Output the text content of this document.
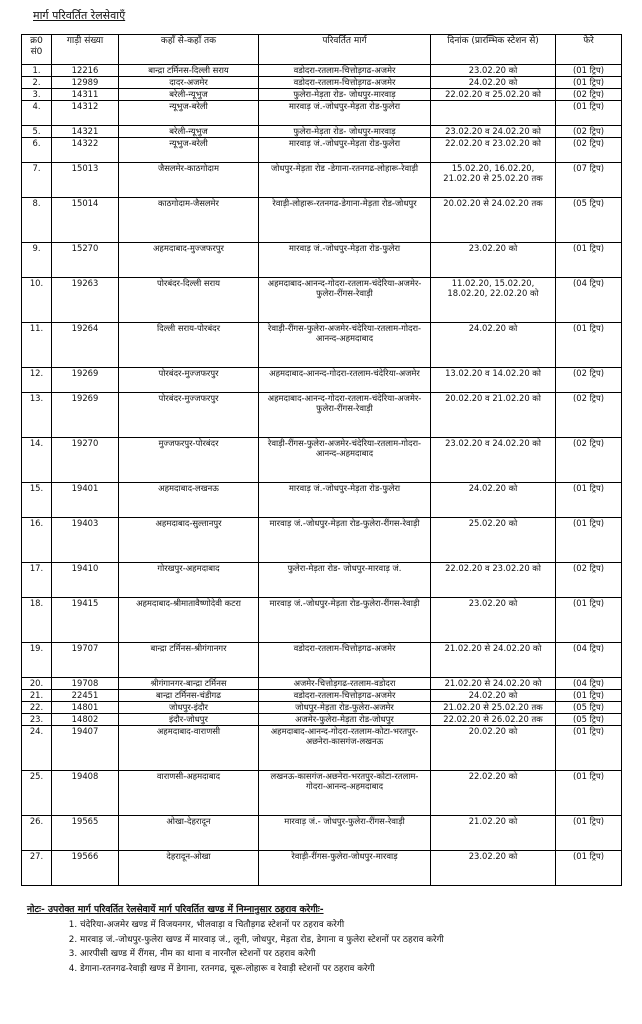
मार्ग परिवर्तित रेलसेवाएँ
क्र0 सं0	गाड़ी संख्या	कहाँ से-कहाँ तक	परिवर्तित मार्ग	दिनांक (प्रारम्भिक स्टेशन से)	फेरे
1.	12216	बान्द्रा टर्मिनस-दिल्ली सराय	वडोदरा-रतलाम-चित्तोड़गढ-अजमेर	23.02.20 को	(01 ट्रिप)
2.	12989	दादर-अजमेर	वडोदरा-रतलाम-चित्तोड़गढ-अजमेर	24.02.20 को	(01 ट्रिप)
3.	14311	बरेली-न्यूभुज	फुलेरा-मेड़ता रोड- जोधपुर-मारवाड़	22.02.20 व 25.02.20 को	(02 ट्रिप)
4.	14312	न्यूभुज-बरेली	मारवाड़ जं.-जोधपुर-मेड़ता रोड-फुलेरा		(01 ट्रिप)
5.	14321	बरेली-न्यूभुज	फुलेरा-मेड़ता रोड- जोधपुर-मारवाड़	23.02.20 व 24.02.20 को	(02 ट्रिप)
6.	14322	न्यूभुज-बरेली	मारवाड़ जं.-जोधपुर-मेड़ता रोड-फुलेरा	22.02.20 व 23.02.20 को	(02 ट्रिप)
7.	15013	जैसलमेर-काठगोदाम	जोधपुर-मेड़ता रोड -डेगाना-रतनगढ-लोहारू-रेवाड़ी	15.02.20, 16.02.20, 21.02.20 से 25.02.20 तक	(07 ट्रिप)
8.	15014	काठगोदाम-जैसलमेर	रेवाड़ी-लोहारू-रतनगढ-डेगाना-मेड़ता रोड-जोधपुर	20.02.20 से 24.02.20 तक	(05 ट्रिप)
9.	15270	अहमदाबाद-मुज्जफरपुर	मारवाड़ जं.-जोधपुर-मेड़ता रोड-फुलेरा	23.02.20 को	(01 ट्रिप)
10.	19263	पोरबंदर-दिल्ली सराय	अहमदाबाद-आनन्द-गोदरा-रतलाम-चंदेरिया-अजमेर-फुलेरा-रींगस-रेवाड़ी	11.02.20, 15.02.20, 18.02.20, 22.02.20 को	(04 ट्रिप)
11.	19264	दिल्ली सराय-पोरबंदर	रेवाड़ी-रींगस-फुलेरा-अजमेर-चंदेरिया-रतलाम-गोदरा-आनन्द-अहमदाबाद	24.02.20 को	(01 ट्रिप)
12.	19269	पोरबंदर-मुज्जफरपुर	अहमदाबाद-आनन्द-गोदरा-रतलाम-चंदेरिया-अजमेर	13.02.20 व 14.02.20 को	(02 ट्रिप)
13.	19269	पोरबंदर-मुज्जफरपुर	अहमदाबाद-आनन्द-गोदरा-रतलाम-चंदेरिया-अजमेर-फुलेरा-रींगस-रेवाड़ी	20.02.20 व 21.02.20 को	(02 ट्रिप)
14.	19270	मुज्जफरपुर-पोरबंदर	रेवाड़ी-रींगस-फुलेरा-अजमेर-चंदेरिया-रतलाम-गोदरा-आनन्द-अहमदाबाद	23.02.20 व 24.02.20 को	(02 ट्रिप)
15.	19401	अहमदाबाद-लखनऊ	मारवाड़ जं.-जोधपुर-मेड़ता रोड-फुलेरा	24.02.20 को	(01 ट्रिप)
16.	19403	अहमदाबाद-सुल्तानपुर	मारवाड़ जं.-जोधपुर-मेड़ता रोड-फुलेरा-रींगस-रेवाड़ी	25.02.20 को	(01 ट्रिप)
17.	19410	गोरखपुर-अहमदाबाद	फुलेरा-मेड़ता रोड- जोधपुर-मारवाड़ जं.	22.02.20 व 23.02.20 को	(02 ट्रिप)
18.	19415	अहमदाबाद-श्रीमातावैष्णोदेवी कटरा	मारवाड़ जं.-जोधपुर-मेड़ता रोड-फुलेरा-रींगस-रेवाड़ी	23.02.20 को	(01 ट्रिप)
19.	19707	बान्द्रा टर्मिनस-श्रीगंगानगर	वडोदरा-रतलाम-चित्तोड़गढ-अजमेर	21.02.20 से 24.02.20 को	(04 ट्रिप)
20.	19708	श्रीगंगानगर-बान्द्रा टर्मिनस	अजमेर-चित्तोड़गढ-रतलाम-वडोदरा	21.02.20 से 24.02.20 को	(04 ट्रिप)
21.	22451	बान्द्रा टर्मिनस-चंडीगढ	वडोदरा-रतलाम-चित्तोड़गढ-अजमेर	24.02.20 को	(01 ट्रिप)
22.	14801	जोधपुर-इंदौर	जोधपुर-मेड़ता रोड-फुलेरा-अजमेर	21.02.20 से 25.02.20 तक	(05 ट्रिप)
23.	14802	इंदौर-जोधपुर	अजमेर-फुलेरा-मेड़ता रोड-जोधपुर	22.02.20 से 26.02.20 तक	(05 ट्रिप)
24.	19407	अहमदाबाद-वाराणसी	अहमदाबाद-आनन्द-गोदरा-रतलाम-कोटा-भरतपुर-अछनेरा-कासगंज-लखनऊ	20.02.20 को	(01 ट्रिप)
25.	19408	वाराणसी-अहमदाबाद	लखनऊ-कासगंज-अछनेरा-भरतपुर-कोटा-रतलाम-गोदरा-आनन्द-अहमदाबाद	22.02.20 को	(01 ट्रिप)
26.	19565	ओखा-देहरादून	मारवाड़ जं.- जोधपुर-फुलेरा-रींगस-रेवाड़ी	21.02.20 को	(01 ट्रिप)
27.	19566	देहरादून-ओखा	रेवाड़ी-रींगस-फुलेरा-जोधपुर-मारवाड़	23.02.20 को	(01 ट्रिप)
नोटः- उपरोक्त मार्ग परिवर्तित रेलसेवायें मार्ग परिवर्तित खण्ड में निम्नानुसार ठहराव करेगीः-
1. चंदेरिया-अजमेर खण्ड में विजयनगर, भीलवाड़ा व चितौड़गढ स्टेशनों पर ठहराव करेगी
2. मारवाड़ जं.-जोधपुर-फुलेरा खण्ड में मारवाड़ जं., लूनी, जोधपुर, मेड़ता रोड, डेगाना व फुलेरा स्टेशनों पर ठहराव करेगी
3. आरपीसी खण्ड में रींगस, नीम का थाना व नारनौल स्टेशनों पर ठहराव करेगी
4. डेगाना-रतनगढ-रेवाड़ी खण्ड में डेगाना, रतनगढ, चूरू-लोहारू व रेवाड़ी स्टेशनों पर ठहराव करेगी
